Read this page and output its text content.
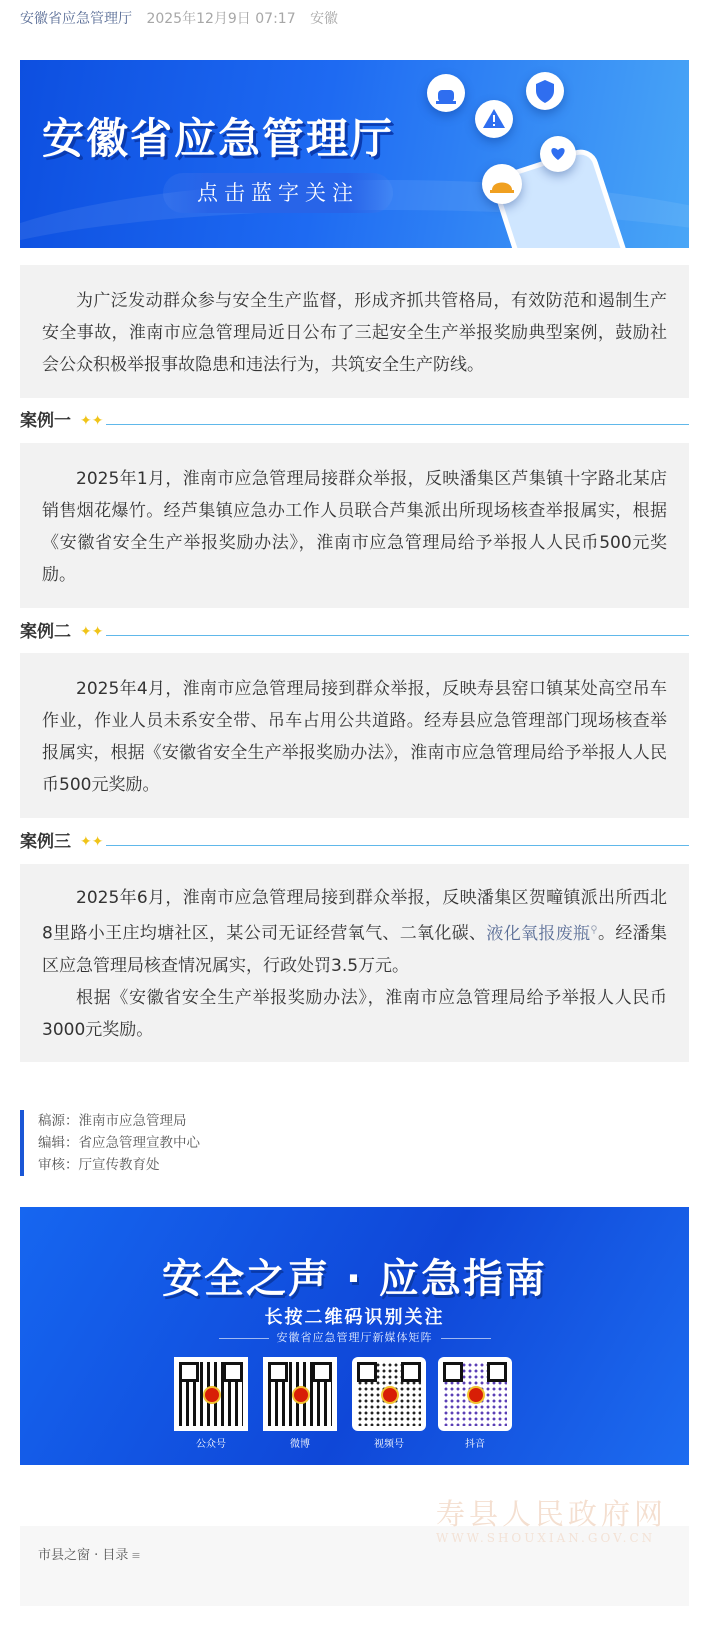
安徽省应急管理厅 2025年12月9日 07:17 安徽
安徽省应急管理厅
点击蓝字关注

为广泛发动群众参与安全生产监督，形成齐抓共管格局，有效防范和遏制生产安全事故，淮南市应急管理局近日公布了三起安全生产举报奖励典型案例，鼓励社会公众积极举报事故隐患和违法行为，共筑安全生产防线。

案例一 ✦✦

2025年1月，淮南市应急管理局接群众举报，反映潘集区芦集镇十字路北某店销售烟花爆竹。经芦集镇应急办工作人员联合芦集派出所现场核查举报属实，根据《安徽省安全生产举报奖励办法》，淮南市应急管理局给予举报人人民币500元奖励。

案例二 ✦✦

2025年4月，淮南市应急管理局接到群众举报，反映寿县窑口镇某处高空吊车作业，作业人员未系安全带、吊车占用公共道路。经寿县应急管理部门现场核查举报属实，根据《安徽省安全生产举报奖励办法》，淮南市应急管理局给予举报人人民币500元奖励。

案例三 ✦✦

2025年6月，淮南市应急管理局接到群众举报，反映潘集区贺疃镇派出所西北8里路小王庄均塘社区，某公司无证经营氧气、二氧化碳、液化氧报废瓶⚲。经潘集区应急管理局核查情况属实，行政处罚3.5万元。

根据《安徽省安全生产举报奖励办法》，淮南市应急管理局给予举报人人民币3000元奖励。

稿源：淮南市应急管理局
编辑：省应急管理宣教中心
审核：厅宣传教育处
安全之声 · 应急指南
长按二维码识别关注
安徽省应急管理厅新媒体矩阵
公众号	微博	视频号	抖音
市县之窗 · 目录 ≡
寿县人民政府网
WWW.SHOUXIAN.GOV.CN
